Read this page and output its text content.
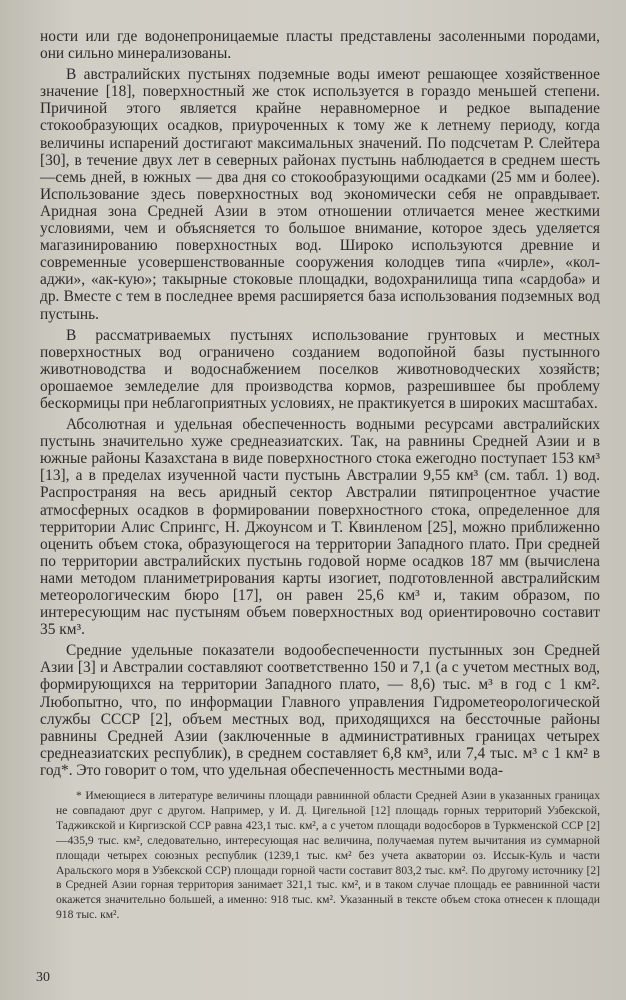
ности или где водонепроницаемые пласты представлены засоленными породами, они сильно минерализованы.

В австралийских пустынях подземные воды имеют решающее хозяйственное значение [18], поверхностный же сток используется в гораздо меньшей степени. Причиной этого является крайне неравномерное и редкое выпадение стокообразующих осадков, приуроченных к тому же к летнему периоду, когда величины испарений достигают максимальных значений. По подсчетам Р. Слейтера [30], в течение двух лет в северных районах пустынь наблюдается в среднем шесть—семь дней, в южных — два дня со стокообразующими осадками (25 мм и более). Использование здесь поверхностных вод экономически себя не оправдывает. Аридная зона Средней Азии в этом отношении отличается менее жесткими условиями, чем и объясняется то большое внимание, которое здесь уделяется магазинированию поверхностных вод. Широко используются древние и современные усовершенствованные сооружения колодцев типа «чирле», «кол-аджи», «ак-кую»; такырные стоковые площадки, водохранилища типа «сардоба» и др. Вместе с тем в последнее время расширяется база использования подземных вод пустынь.

В рассматриваемых пустынях использование грунтовых и местных поверхностных вод ограничено созданием водопойной базы пустынного животноводства и водоснабжением поселков животноводческих хозяйств; орошаемое земледелие для производства кормов, разрешившее бы проблему бескормицы при неблагоприятных условиях, не практикуется в широких масштабах.

Абсолютная и удельная обеспеченность водными ресурсами австралийских пустынь значительно хуже среднеазиатских. Так, на равнины Средней Азии и в южные районы Казахстана в виде поверхностного стока ежегодно поступает 153 км³ [13], а в пределах изученной части пустынь Австралии 9,55 км³ (см. табл. 1) вод. Распространяя на весь аридный сектор Австралии пятипроцентное участие атмосферных осадков в формировании поверхностного стока, определенное для территории Алис Спрингс, Н. Джоунсом и Т. Квинленом [25], можно приближенно оценить объем стока, образующегося на территории Западного плато. При средней по территории австралийских пустынь годовой норме осадков 187 мм (вычислена нами методом планиметрирования карты изогиет, подготовленной австралийским метеорологическим бюро [17], он равен 25,6 км³ и, таким образом, по интересующим нас пустыням объем поверхностных вод ориентировочно составит 35 км³.

Средние удельные показатели водообеспеченности пустынных зон Средней Азии [3] и Австралии составляют соответственно 150 и 7,1 (а с учетом местных вод, формирующихся на территории Западного плато, — 8,6) тыс. м³ в год с 1 км². Любопытно, что, по информации Главного управления Гидрометеорологической службы СССР [2], объем местных вод, приходящихся на бессточные районы равнины Средней Азии (заключенные в административных границах четырех среднеазиатских республик), в среднем составляет 6,8 км³, или 7,4 тыс. м³ с 1 км² в год*. Это говорит о том, что удельная обеспеченность местными вода-

* Имеющиеся в литературе величины площади равнинной области Средней Азии в указанных границах не совпадают друг с другом. Например, у И. Д. Цигельной [12] площадь горных территорий Узбекской, Таджикской и Киргизской ССР равна 423,1 тыс. км², а с учетом площади водосборов в Туркменской ССР [2]—435,9 тыс. км², следовательно, интересующая нас величина, получаемая путем вычитания из суммарной площади четырех союзных республик (1239,1 тыс. км² без учета акватории оз. Иссык-Куль и части Аральского моря в Узбекской ССР) площади горной части составит 803,2 тыс. км². По другому источнику [2] в Средней Азии горная территория занимает 321,1 тыс. км², и в таком случае площадь ее равнинной части окажется значительно большей, а именно: 918 тыс. км². Указанный в тексте объем стока отнесен к площади 918 тыс. км².

30
